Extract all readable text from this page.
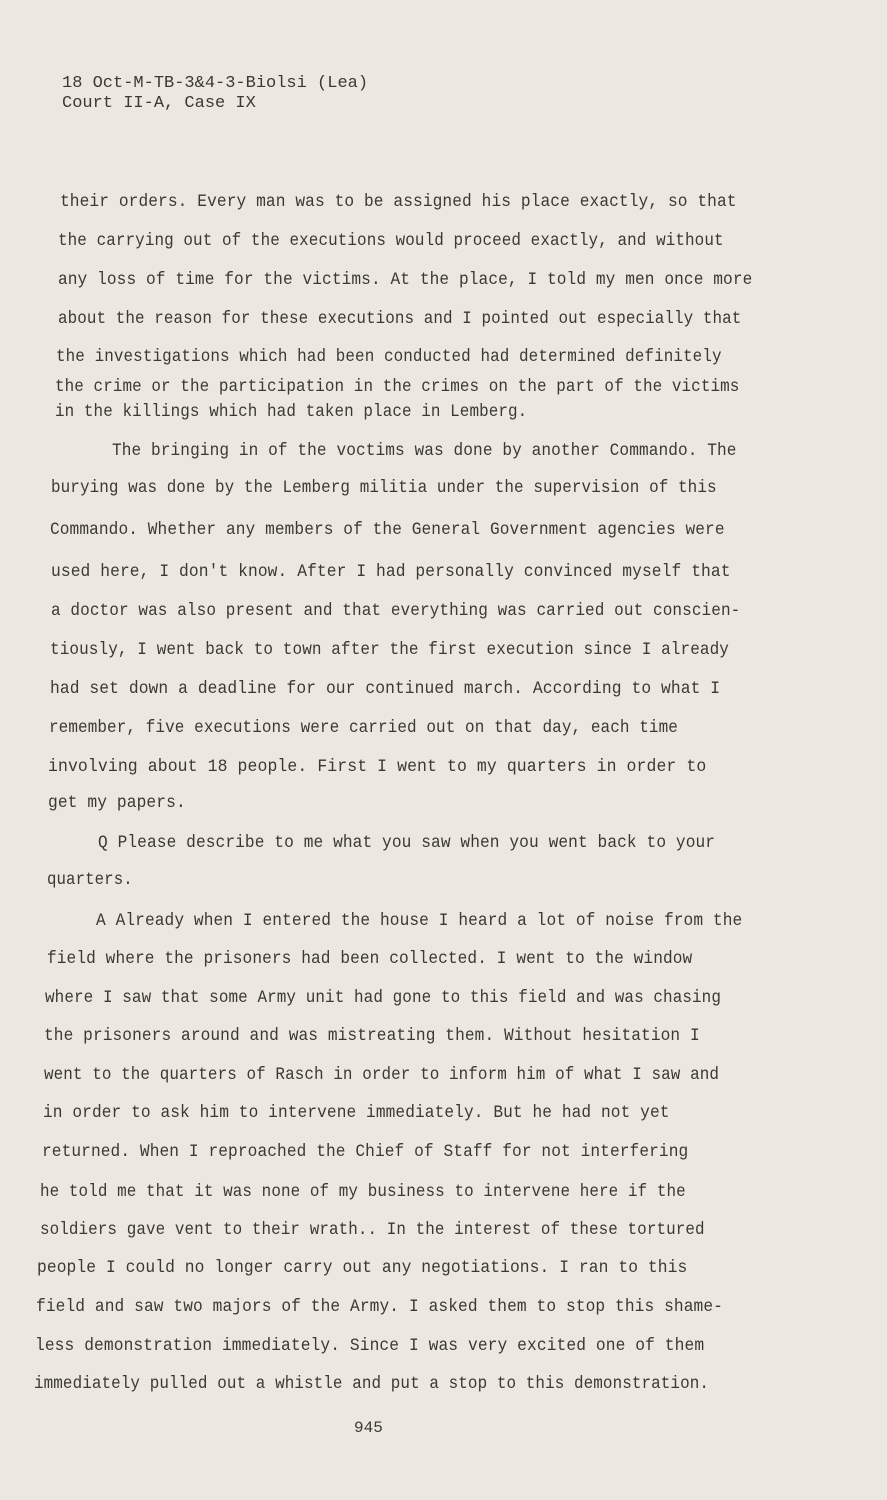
18 Oct-M-TB-3&4-3-Biolsi (Lea)
Court II-A, Case IX
their orders. Every man was to be assigned his place exactly, so that
the carrying out of the executions would proceed exactly, and without
any loss of time for the victims. At the place, I told my men once more
about the reason for these executions and I pointed out especially that
the investigations which had been conducted had determined definitely
the crime or the participation in the crimes on the part of the victims
in the killings which had taken place in Lemberg.
The bringing in of the voctims was done by another Commando. The
burying was done by the Lemberg militia under the supervision of this
Commando. Whether any members of the General Government agencies were
used here, I don't know. After I had personally convinced myself that
a doctor was also present and that everything was carried out conscien-
tiously, I went back to town after the first execution since I already
had set down a deadline for our continued march. According to what I
remember, five executions were carried out on that day, each time
involving about 18 people. First I went to my quarters in order to
get my papers.
Q Please describe to me what you saw when you went back to your
quarters.
A Already when I entered the house I heard a lot of noise from the
field where the prisoners had been collected. I went to the window
where I saw that some Army unit had gone to this field and was chasing
the prisoners around and was mistreating them. Without hesitation I
went to the quarters of Rasch in order to inform him of what I saw and
in order to ask him to intervene immediately. But he had not yet
returned. When I reproached the Chief of Staff for not interfering
he told me that it was none of my business to intervene here if the
soldiers gave vent to their wrath.. In the interest of these tortured
people I could no longer carry out any negotiations. I ran to this
field and saw two majors of the Army. I asked them to stop this shame-
less demonstration immediately. Since I was very excited one of them
immediately pulled out a whistle and put a stop to this demonstration.
945
